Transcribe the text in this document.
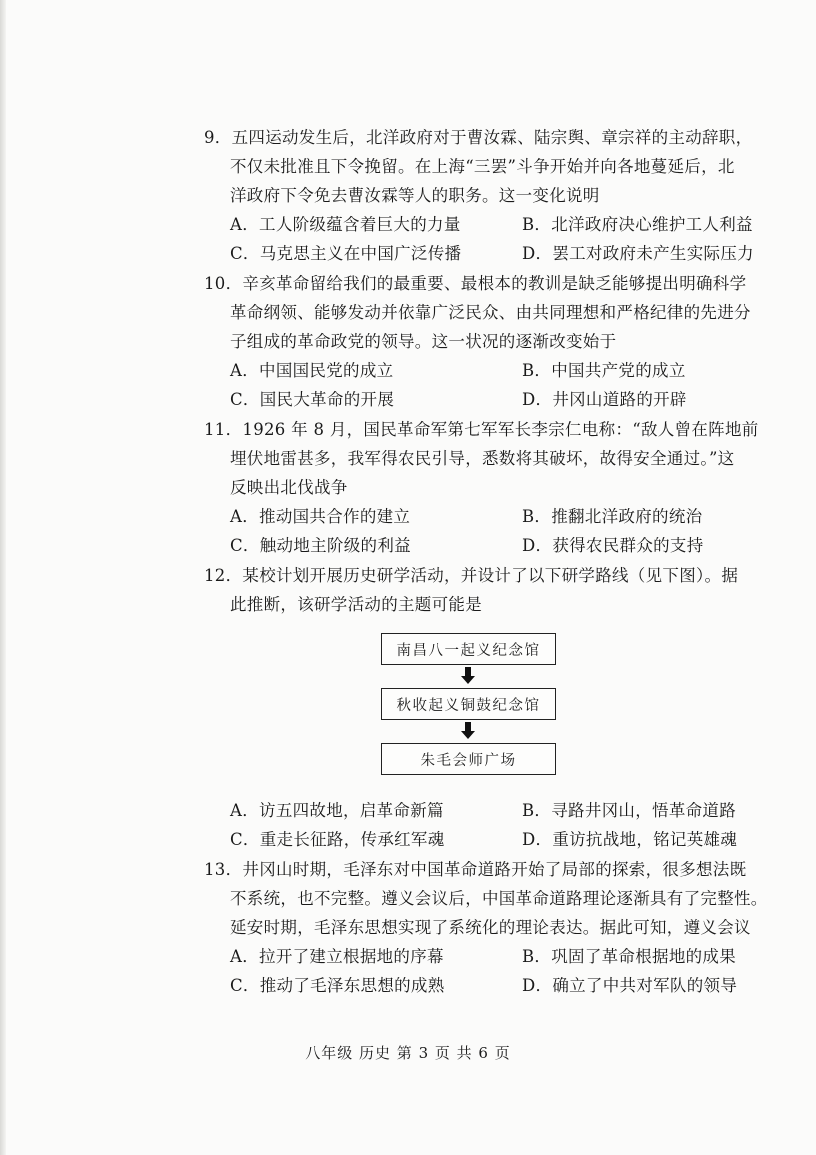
9．五四运动发生后，北洋政府对于曹汝霖、陆宗舆、章宗祥的主动辞职，
不仅未批准且下令挽留。在上海“三罢”斗争开始并向各地蔓延后，北
洋政府下令免去曹汝霖等人的职务。这一变化说明
A．工人阶级蕴含着巨大的力量	B．北洋政府决心维护工人利益
C．马克思主义在中国广泛传播	D．罢工对政府未产生实际压力
10．辛亥革命留给我们的最重要、最根本的教训是缺乏能够提出明确科学
革命纲领、能够发动并依靠广泛民众、由共同理想和严格纪律的先进分
子组成的革命政党的领导。这一状况的逐渐改变始于
A．中国国民党的成立	B．中国共产党的成立
C．国民大革命的开展	D．井冈山道路的开辟
11．1926 年 8 月，国民革命军第七军军长李宗仁电称：“敌人曾在阵地前
埋伏地雷甚多，我军得农民引导，悉数将其破坏，故得安全通过。”这
反映出北伐战争
A．推动国共合作的建立	B．推翻北洋政府的统治
C．触动地主阶级的利益	D．获得农民群众的支持
12．某校计划开展历史研学活动，并设计了以下研学路线（见下图）。据
此推断，该研学活动的主题可能是
南昌八一起义纪念馆
秋收起义铜鼓纪念馆
朱毛会师广场
A．访五四故地，启革命新篇	B．寻路井冈山，悟革命道路
C．重走长征路，传承红军魂	D．重访抗战地，铭记英雄魂
13．井冈山时期，毛泽东对中国革命道路开始了局部的探索，很多想法既
不系统，也不完整。遵义会议后，中国革命道路理论逐渐具有了完整性。
延安时期，毛泽东思想实现了系统化的理论表达。据此可知，遵义会议
A．拉开了建立根据地的序幕	B．巩固了革命根据地的成果
C．推动了毛泽东思想的成熟	D．确立了中共对军队的领导
八年级 历史 第 3 页 共 6 页
